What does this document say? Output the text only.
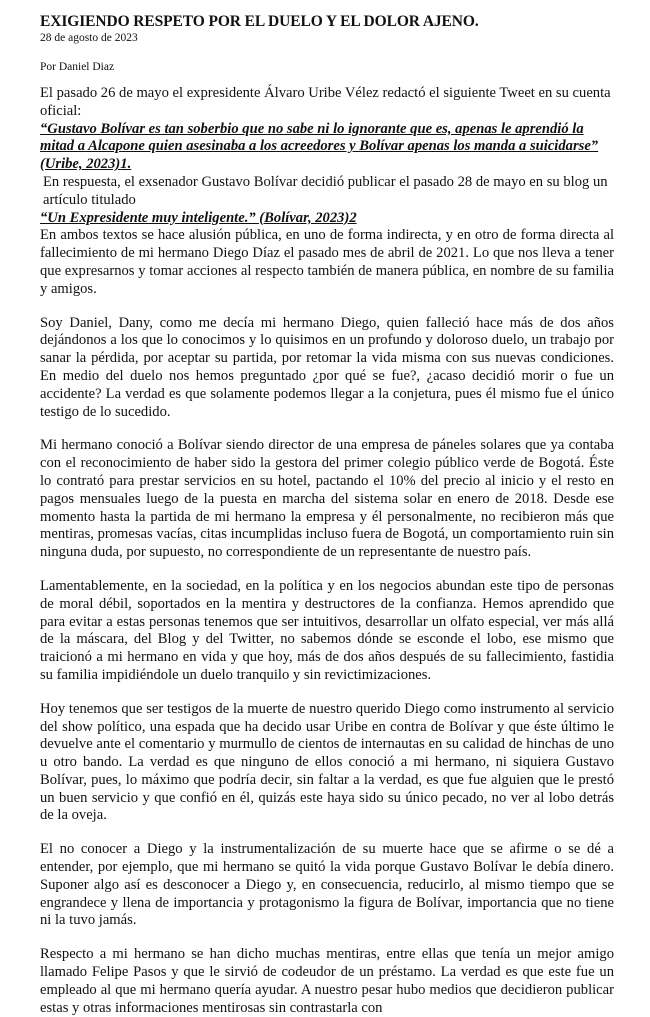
EXIGIENDO RESPETO POR EL DUELO Y EL DOLOR AJENO.

28 de agosto de 2023

Por Daniel Diaz

El pasado 26 de mayo el expresidente Álvaro Uribe Vélez redactó el siguiente Tweet en su cuenta oficial:

“Gustavo Bolívar es tan soberbio que no sabe ni lo ignorante que es, apenas le aprendió la mitad a Alcapone quien asesinaba a los acreedores y Bolívar apenas los manda a suicidarse” (Uribe, 2023)1.

En respuesta, el exsenador Gustavo Bolívar decidió publicar el pasado 28 de mayo en su blog un artículo titulado

“Un Expresidente muy inteligente.” (Bolívar, 2023)2

En ambos textos se hace alusión pública, en uno de forma indirecta, y en otro de forma directa al fallecimiento de mi hermano Diego Díaz el pasado mes de abril de 2021. Lo que nos lleva a tener que expresarnos y tomar acciones al respecto también de manera pública, en nombre de su familia y amigos.

Soy Daniel, Dany, como me decía mi hermano Diego, quien falleció hace más de dos años dejándonos a los que lo conocimos y lo quisimos en un profundo y doloroso duelo, un trabajo por sanar la pérdida, por aceptar su partida, por retomar la vida misma con sus nuevas condiciones. En medio del duelo nos hemos preguntado ¿por qué se fue?, ¿acaso decidió morir o fue un accidente? La verdad es que solamente podemos llegar a la conjetura, pues él mismo fue el único testigo de lo sucedido.

Mi hermano conoció a Bolívar siendo director de una empresa de páneles solares que ya contaba con el reconocimiento de haber sido la gestora del primer colegio público verde de Bogotá. Éste lo contrató para prestar servicios en su hotel, pactando el 10% del precio al inicio y el resto en pagos mensuales luego de la puesta en marcha del sistema solar en enero de 2018. Desde ese momento hasta la partida de mi hermano la empresa y él personalmente, no recibieron más que mentiras, promesas vacías, citas incumplidas incluso fuera de Bogotá, un comportamiento ruin sin ninguna duda, por supuesto, no correspondiente de un representante de nuestro país.

Lamentablemente, en la sociedad, en la política y en los negocios abundan este tipo de personas de moral débil, soportados en la mentira y destructores de la confianza. Hemos aprendido que para evitar a estas personas tenemos que ser intuitivos, desarrollar un olfato especial, ver más allá de la máscara, del Blog y del Twitter, no sabemos dónde se esconde el lobo, ese mismo que traicionó a mi hermano en vida y que hoy, más de dos años después de su fallecimiento, fastidia su familia impidiéndole un duelo tranquilo y sin revictimizaciones.

Hoy tenemos que ser testigos de la muerte de nuestro querido Diego como instrumento al servicio del show político, una espada que ha decido usar Uribe en contra de Bolívar y que éste último le devuelve ante el comentario y murmullo de cientos de internautas en su calidad de hinchas de uno u otro bando. La verdad es que ninguno de ellos conoció a mi hermano, ni siquiera Gustavo Bolívar, pues, lo máximo que podría decir, sin faltar a la verdad, es que fue alguien que le prestó un buen servicio y que confió en él, quizás este haya sido su único pecado, no ver al lobo detrás de la oveja.

El no conocer a Diego y la instrumentalización de su muerte hace que se afirme o se dé a entender, por ejemplo, que mi hermano se quitó la vida porque Gustavo Bolívar le debía dinero. Suponer algo así es desconocer a Diego y, en consecuencia, reducirlo, al mismo tiempo que se engrandece y llena de importancia y protagonismo la figura de Bolívar, importancia que no tiene ni la tuvo jamás.

Respecto a mi hermano se han dicho muchas mentiras, entre ellas que tenía un mejor amigo llamado Felipe Pasos y que le sirvió de codeudor de un préstamo. La verdad es que este fue un empleado al que mi hermano quería ayudar. A nuestro pesar hubo medios que decidieron publicar estas y otras informaciones mentirosas sin contrastarla con
